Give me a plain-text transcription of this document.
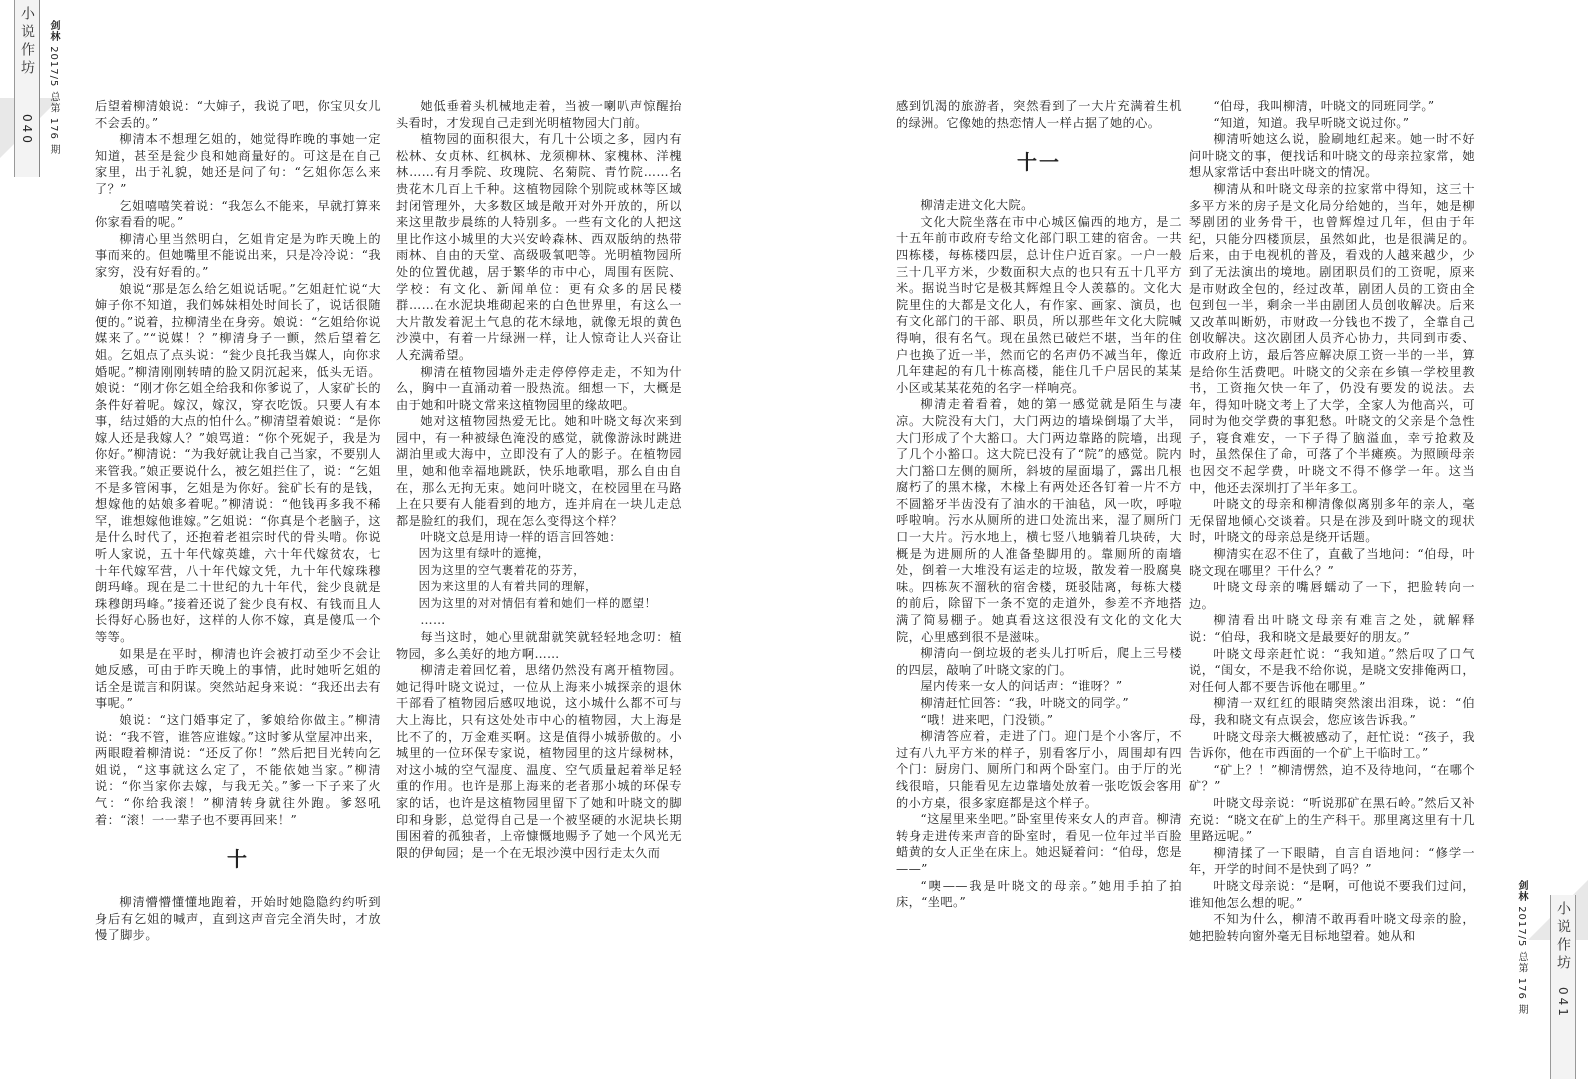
小说作坊 剑林 2017/5 总第 176 期
040

后望着柳清娘说：“大婶子，我说了吧，你宝贝女儿不会丢的。”

柳清本不想理乞姐的，她觉得昨晚的事她一定知道，甚至是瓮少良和她商量好的。可这是在自己家里，出于礼貌，她还是问了句：“乞姐你怎么来了？”

乞姐嘻嘻笑着说：“我怎么不能来，早就打算来你家看看的呢。”

柳清心里当然明白，乞姐肯定是为昨天晚上的事而来的。但她嘴里不能说出来，只是冷冷说：“我家穷，没有好看的。”

娘说“那是怎么给乞姐说话呢。”乞姐赶忙说“大婶子你不知道，我们姊妹相处时间长了，说话很随便的。”说着，拉柳清坐在身旁。娘说：“乞姐给你说媒来了。”“说媒！？”柳清身子一颤，然后望着乞姐。乞姐点了点头说：“瓮少良托我当媒人，向你求婚呢。”柳清刚刚转晴的脸又阴沉起来，低头无语。娘说：“刚才你乞姐全给我和你爹说了，人家矿长的条件好着呢。嫁汉，嫁汉，穿衣吃饭。只要人有本事，结过婚的大点的怕什么。”柳清望着娘说：“是你嫁人还是我嫁人？”娘骂道：“你个死妮子，我是为你好。”柳清说：“为我好就让我自己当家，不要别人来管我。”娘正要说什么，被乞姐拦住了，说：“乞姐不是多管闲事，乞姐是为你好。瓮矿长有的是钱，想嫁他的姑娘多着呢。”柳清说：“他钱再多我不稀罕，谁想嫁他谁嫁。”乞姐说：“你真是个老脑子，这是什么时代了，还抱着老祖宗时代的骨头啃。你说听人家说，五十年代嫁英雄，六十年代嫁贫农，七十年代嫁军营，八十年代嫁文凭，九十年代嫁珠穆朗玛峰。现在是二十世纪的九十年代，瓮少良就是珠穆朗玛峰。”接着还说了瓮少良有权、有钱而且人长得好心肠也好，这样的人你不嫁，真是傻瓜一个等等。

如果是在平时，柳清也许会被打动至少不会让她反感，可由于昨天晚上的事情，此时她听乞姐的话全是谎言和阴谋。突然站起身来说：“我还出去有事呢。”

娘说：“这门婚事定了，爹娘给你做主。”柳清说：“我不管，谁答应谁嫁。”这时爹从堂屋冲出来，两眼瞪着柳清说：“还反了你！”然后把目光转向乞姐说，“这事就这么定了，不能依她当家。”柳清说：“你当家你去嫁，与我无关。”爹一下子来了火气：“你给我滚！”柳清转身就往外跑。爹怒吼着：“滚！一一辈子也不要再回来！”

十

柳清懵懵懂懂地跑着，开始时她隐隐约约听到身后有乞姐的喊声，直到这声音完全消失时，才放慢了脚步。

她低垂着头机械地走着，当被一喇叭声惊醒抬头看时，才发现自己走到光明植物园大门前。

植物园的面积很大，有几十公顷之多，园内有松林、女贞林、红枫林、龙须柳林、家槐林、洋槐林……有月季院、玫瑰院、名菊院、青竹院……名贵花木几百上千种。这植物园除个别院或林等区域封闭管理外，大多数区域是敞开对外开放的，所以来这里散步晨练的人特别多。一些有文化的人把这里比作这小城里的大兴安岭森林、西双版纳的热带雨林、自由的天堂、高级吸氧吧等。光明植物园所处的位置优越，居于繁华的市中心，周围有医院、学校：有文化、新闻单位：更有众多的居民楼群……在水泥块堆砌起来的白色世界里，有这么一大片散发着泥土气息的花木绿地，就像无垠的黄色沙漠中，有着一片绿洲一样，让人惊奇让人兴奋让人充满希望。

柳清在植物园墙外走走停停停走走，不知为什么，胸中一直涌动着一股热流。细想一下，大概是由于她和叶晓文常来这植物园里的缘故吧。

她对这植物园热爱无比。她和叶晓文每次来到园中，有一种被绿色淹没的感觉，就像游泳时跳进湖泊里或大海中，立即没有了人的影子。在植物园里，她和他幸福地跳跃，快乐地歌唱，那么自由自在，那么无拘无束。她问叶晓文，在校园里在马路上在只要有人能看到的地方，连并肩在一块儿走总都是脸红的我们，现在怎么变得这个样？

叶晓文总是用诗一样的语言回答她：

因为这里有绿叶的遮掩，

因为这里的空气裹着花的芬芳，

因为来这里的人有着共同的理解，

因为这里的对对情侣有着和她们一样的愿望！

……

每当这时，她心里就甜就笑就轻轻地念叨：植物园，多么美好的地方啊……

柳清走着回忆着，思绪仍然没有离开植物园。她记得叶晓文说过，一位从上海来小城探亲的退休干部看了植物园后感叹地说，这小城什么都不可与大上海比，只有这处处市中心的植物园，大上海是比不了的，万金难买啊。这是值得小城骄傲的。小城里的一位环保专家说，植物园里的这片绿树林，对这小城的空气湿度、温度、空气质量起着举足轻重的作用。也许是那上海来的老者那小城的环保专家的话，也许是这植物园里留下了她和叶晓文的脚印和身影，总觉得自己是一个被坚硬的水泥块长期围困着的孤独者，上帝慷慨地赐予了她一个风光无限的伊甸园；是一个在无垠沙漠中因行走太久而

感到饥渴的旅游者，突然看到了一大片充满着生机的绿洲。它像她的热恋情人一样占据了她的心。

十一

柳清走进文化大院。

文化大院坐落在市中心城区偏西的地方，是二十五年前市政府专给文化部门职工建的宿舍。一共四栋楼，每栋楼四层，总计住户近百家。一户一般三十几平方米，少数面积大点的也只有五十几平方米。据说当时它是极其辉煌且令人羡慕的。文化大院里住的大都是文化人，有作家、画家、演员，也有文化部门的干部、职员，所以那些年文化大院喊得响，很有名气。现在虽然已破烂不堪，当年的住户也换了近一半，然而它的名声仍不减当年，像近几年建起的有几十栋高楼，能住几千户居民的某某小区或某某花苑的名字一样响亮。

柳清走着看着，她的第一感觉就是陌生与凄凉。大院没有大门，大门两边的墙垛倒塌了大半，大门形成了个大豁口。大门两边靠路的院墙，出现了几个小豁口。这大院已没有了“院”的感觉。院内大门豁口左侧的厕所，斜坡的屋面塌了，露出几根腐朽了的黑木椽，木椽上有两处还各钉着一片不方不圆豁牙半齿没有了油水的干油毡，风一吹，呼啦呼啦响。污水从厕所的进口处流出来，湿了厕所门口一大片。污水地上，横七竖八地躺着几块砖，大概是为进厕所的人准备垫脚用的。靠厕所的南墙处，倒着一大堆没有运走的垃圾，散发着一股腐臭味。四栋灰不溜秋的宿舍楼，斑驳陆离，每栋大楼的前后，除留下一条不宽的走道外，参差不齐地搭满了简易棚子。她真看这这很没有文化的文化大院，心里感到很不是滋味。

柳清向一倒垃圾的老头儿打听后，爬上三号楼的四层，敲响了叶晓文家的门。

屋内传来一女人的问话声：“谁呀？”

柳清赶忙回答：“我，叶晓文的同学。”

“哦！进来吧，门没锁。”

柳清答应着，走进了门。迎门是个小客厅，不过有八九平方米的样子，别看客厅小，周围却有四个门：厨房门、厕所门和两个卧室门。由于厅的光线很暗，只能看见左边靠墙处放着一张吃饭会客用的小方桌，很多家庭都是这个样子。

“这屋里来坐吧。”卧室里传来女人的声音。柳清转身走进传来声音的卧室时，看见一位年过半百脸蜡黄的女人正坐在床上。她迟疑着问：“伯母，您是——”

“噢——我是叶晓文的母亲。”她用手拍了拍床，“坐吧。”

“伯母，我叫柳清，叶晓文的同班同学。”

“知道，知道。我早听晓文说过你。”

柳清听她这么说，脸刷地红起来。她一时不好问叶晓文的事，便找话和叶晓文的母亲拉家常，她想从家常话中套出叶晓文的情况。

柳清从和叶晓文母亲的拉家常中得知，这三十多平方米的房子是文化局分给她的，当年，她是柳琴剧团的业务骨干，也曾辉煌过几年，但由于年纪，只能分四楼顶层，虽然如此，也是很满足的。后来，由于电视机的普及，看戏的人越来越少，少到了无法演出的境地。剧团职员们的工资呢，原来是市财政全包的，经过改革，剧团人员的工资由全包到包一半，剩余一半由剧团人员创收解决。后来又改革叫断奶，市财政一分钱也不拨了，全靠自己创收解决。这次剧团人员齐心协力，共同到市委、市政府上访，最后答应解决原工资一半的一半，算是给你生活费吧。叶晓文的父亲在乡镇一学校里教书，工资拖欠快一年了，仍没有要发的说法。去年，得知叶晓文考上了大学，全家人为他高兴，可同时为他交学费的事犯愁。叶晓文的父亲是个急性子，寝食难安，一下子得了脑溢血，幸亏抢救及时，虽然保住了命，可落了个半瘫痪。为照顾母亲也因交不起学费，叶晓文不得不修学一年。这当中，他还去深圳打了半年多工。

叶晓文的母亲和柳清像似离别多年的亲人，毫无保留地倾心交谈着。只是在涉及到叶晓文的现状时，叶晓文的母亲总是绕开话题。

柳清实在忍不住了，直截了当地问：“伯母，叶晓文现在哪里？干什么？”

叶晓文母亲的嘴唇蠕动了一下，把脸转向一边。

柳清看出叶晓文母亲有难言之处，就解释说：“伯母，我和晓文是最要好的朋友。”

叶晓文母亲赶忙说：“我知道。”然后叹了口气说，“闺女，不是我不给你说，是晓文安排俺两口，对任何人都不要告诉他在哪里。”

柳清一双红红的眼睛突然滚出泪珠，说：“伯母，我和晓文有点误会，您应该告诉我。”

叶晓文母亲大概被感动了，赶忙说：“孩子，我告诉你，他在市西面的一个矿上干临时工。”

“矿上？！”柳清愣然，迫不及待地问，“在哪个矿？”

叶晓文母亲说：“听说那矿在黑石岭。”然后又补充说：“晓文在矿上的生产科干。那里离这里有十几里路远呢。”

柳清揉了一下眼睛，自言自语地问：“修学一年，开学的时间不是快到了吗？”

叶晓文母亲说：“是啊，可他说不要我们过问，谁知他怎么想的呢。”

不知为什么，柳清不敢再看叶晓文母亲的脸，她把脸转向窗外毫无目标地望着。她从和

剑林 2017/5 总第 176 期
小说作坊
041
